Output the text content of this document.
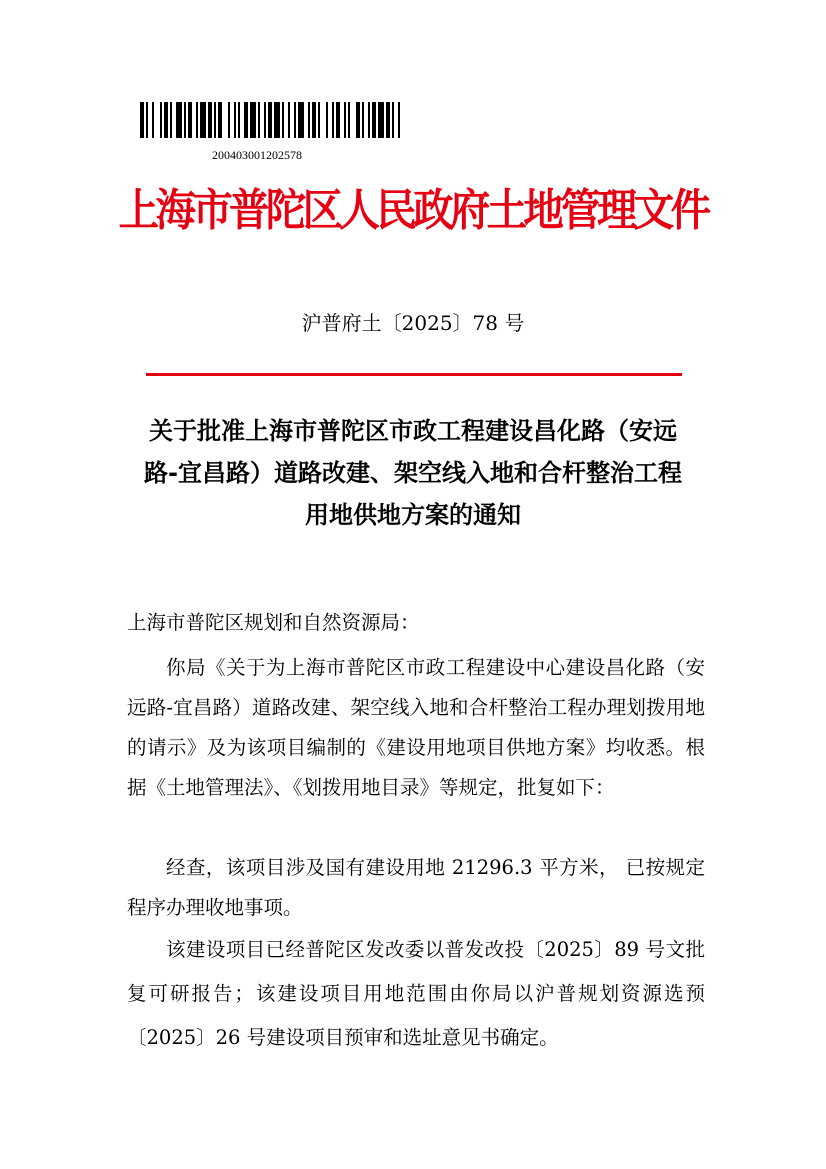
200403001202578
上海市普陀区人民政府土地管理文件
沪普府土〔2025〕78 号
关于批准上海市普陀区市政工程建设昌化路（安远
路-宜昌路）道路改建、架空线入地和合杆整治工程
用地供地方案的通知
上海市普陀区规划和自然资源局：

你局《关于为上海市普陀区市政工程建设中心建设昌化路（安远路-宜昌路）道路改建、架空线入地和合杆整治工程办理划拨用地的请示》及为该项目编制的《建设用地项目供地方案》均收悉。根据《土地管理法》、《划拨用地目录》等规定，批复如下：

经查，该项目涉及国有建设用地 21296.3 平方米， 已按规定程序办理收地事项。

该建设项目已经普陀区发改委以普发改投〔2025〕89 号文批复可研报告；该建设项目用地范围由你局以沪普规划资源选预〔2025〕26 号建设项目预审和选址意见书确定。
